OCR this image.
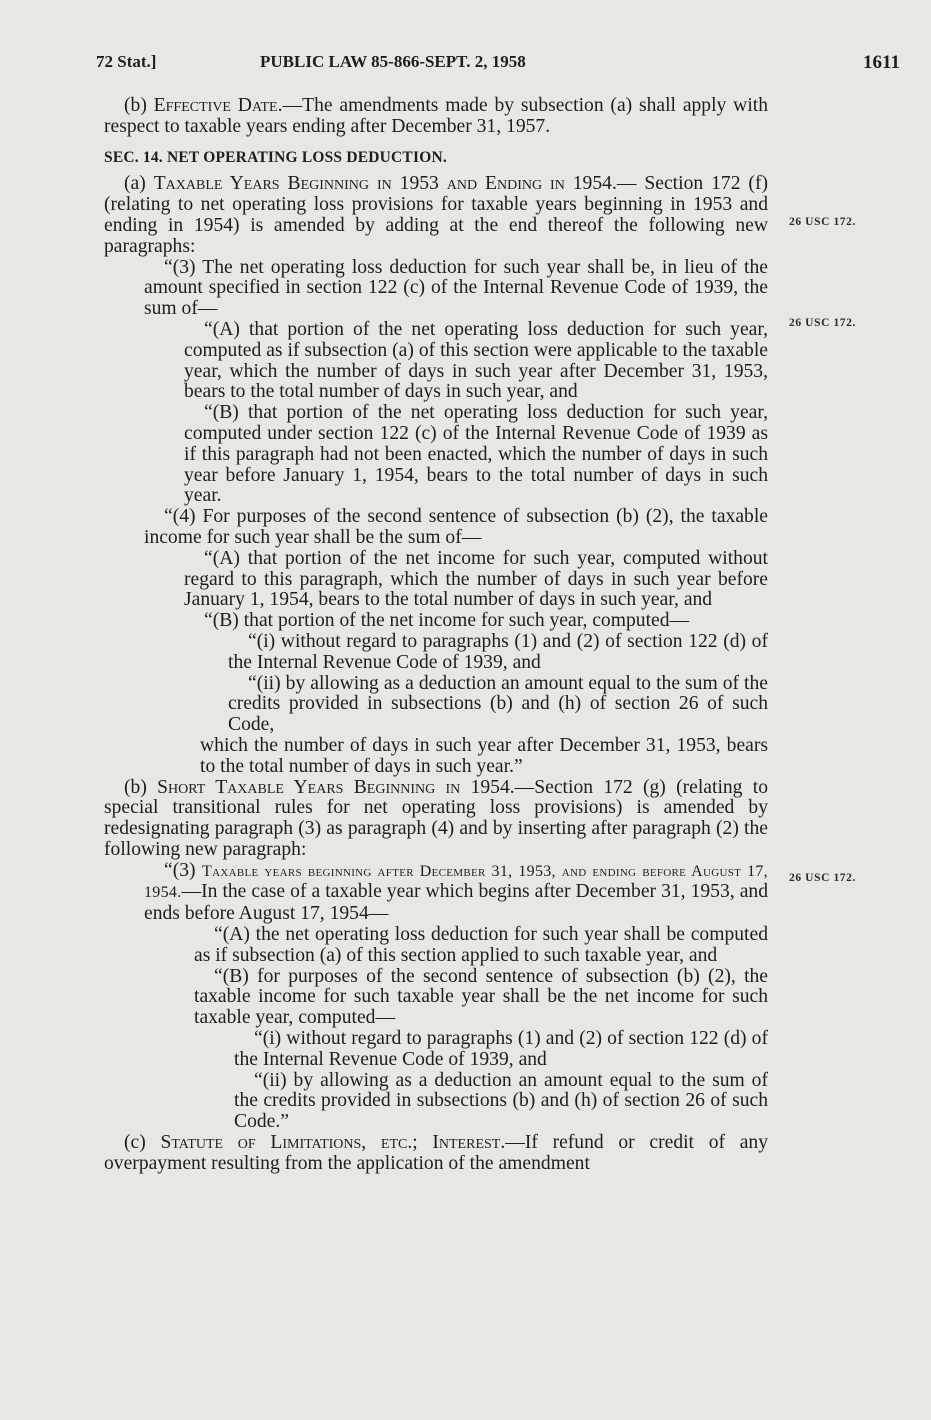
72 Stat.]	PUBLIC LAW 85-866-SEPT. 2, 1958	1611
26 USC 172.
26 USC 172.
26 USC 172.

(b) Effective Date.—The amendments made by subsection (a) shall apply with respect to taxable years ending after December 31, 1957.

SEC. 14. NET OPERATING LOSS DEDUCTION.

(a) Taxable Years Beginning in 1953 and Ending in 1954.— Section 172 (f) (relating to net operating loss provisions for taxable years beginning in 1953 and ending in 1954) is amended by adding at the end thereof the following new paragraphs:

“(3) The net operating loss deduction for such year shall be, in lieu of the amount specified in section 122 (c) of the Internal Revenue Code of 1939, the sum of—

“(A) that portion of the net operating loss deduction for such year, computed as if subsection (a) of this section were applicable to the taxable year, which the number of days in such year after December 31, 1953, bears to the total number of days in such year, and

“(B) that portion of the net operating loss deduction for such year, computed under section 122 (c) of the Internal Revenue Code of 1939 as if this paragraph had not been enacted, which the number of days in such year before January 1, 1954, bears to the total number of days in such year.

“(4) For purposes of the second sentence of subsection (b) (2), the taxable income for such year shall be the sum of—

“(A) that portion of the net income for such year, computed without regard to this paragraph, which the number of days in such year before January 1, 1954, bears to the total number of days in such year, and

“(B) that portion of the net income for such year, computed—

“(i) without regard to paragraphs (1) and (2) of section 122 (d) of the Internal Revenue Code of 1939, and

“(ii) by allowing as a deduction an amount equal to the sum of the credits provided in subsections (b) and (h) of section 26 of such Code,

which the number of days in such year after December 31, 1953, bears to the total number of days in such year.”

(b) Short Taxable Years Beginning in 1954.—Section 172 (g) (relating to special transitional rules for net operating loss provisions) is amended by redesignating paragraph (3) as paragraph (4) and by inserting after paragraph (2) the following new paragraph:

“(3) Taxable years beginning after December 31, 1953, and ending before August 17, 1954.—In the case of a taxable year which begins after December 31, 1953, and ends before August 17, 1954—

“(A) the net operating loss deduction for such year shall be computed as if subsection (a) of this section applied to such taxable year, and

“(B) for purposes of the second sentence of subsection (b) (2), the taxable income for such taxable year shall be the net income for such taxable year, computed—

“(i) without regard to paragraphs (1) and (2) of section 122 (d) of the Internal Revenue Code of 1939, and

“(ii) by allowing as a deduction an amount equal to the sum of the credits provided in subsections (b) and (h) of section 26 of such Code.”

(c) Statute of Limitations, etc.; Interest.—If refund or credit of any overpayment resulting from the application of the amendment
